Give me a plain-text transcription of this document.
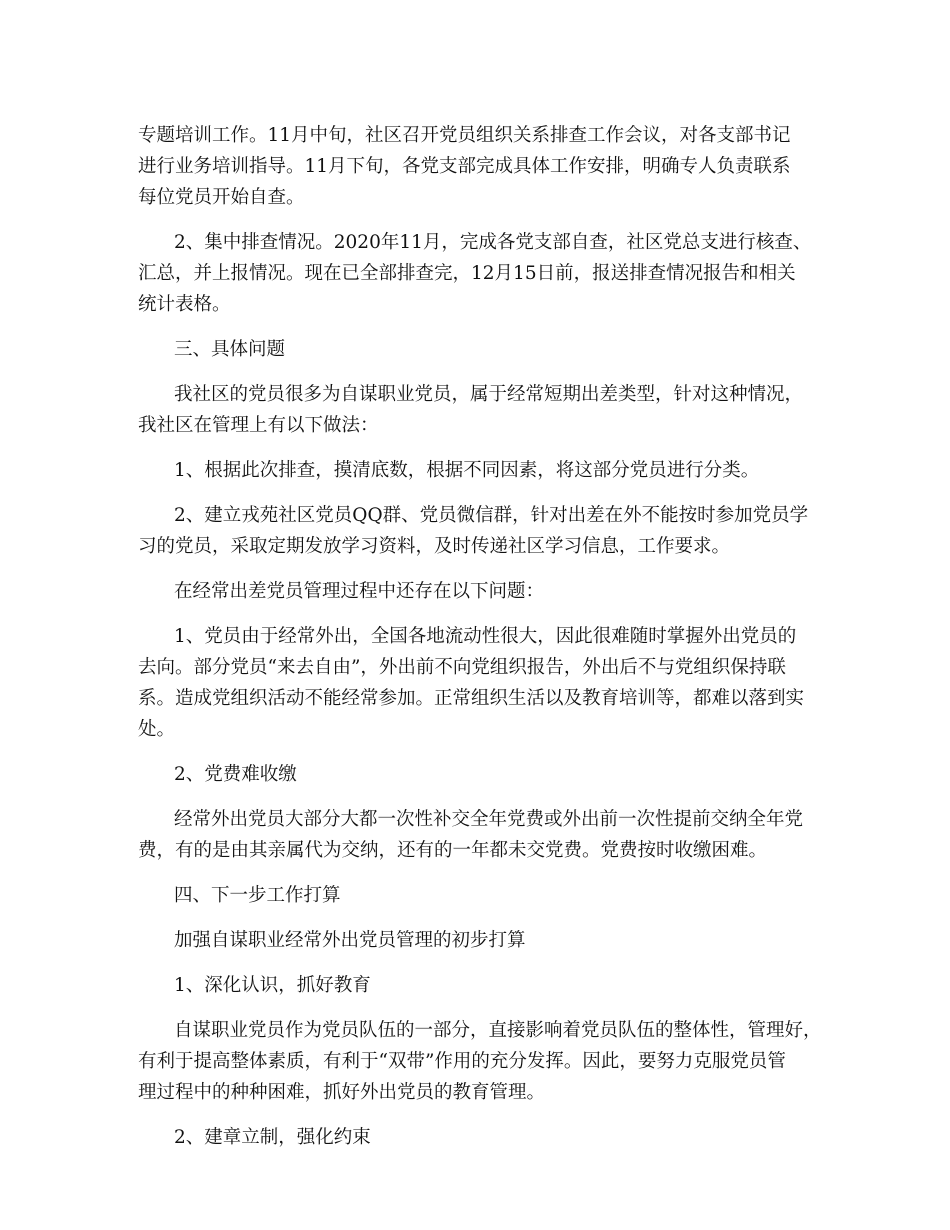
专题培训工作。11月中旬，社区召开党员组织关系排查工作会议，对各支部书记
进行业务培训指导。11月下旬，各党支部完成具体工作安排，明确专人负责联系
每位党员开始自查。
2、集中排查情况。2020年11月，完成各党支部自查，社区党总支进行核查、
汇总，并上报情况。现在已全部排查完，12月15日前，报送排查情况报告和相关
统计表格。
三、具体问题
我社区的党员很多为自谋职业党员，属于经常短期出差类型，针对这种情况，
我社区在管理上有以下做法：
1、根据此次排查，摸清底数，根据不同因素，将这部分党员进行分类。
2、建立戎苑社区党员QQ群、党员微信群，针对出差在外不能按时参加党员学
习的党员，采取定期发放学习资料，及时传递社区学习信息，工作要求。
在经常出差党员管理过程中还存在以下问题：
1、党员由于经常外出，全国各地流动性很大，因此很难随时掌握外出党员的
去向。部分党员“来去自由”，外出前不向党组织报告，外出后不与党组织保持联
系。造成党组织活动不能经常参加。正常组织生活以及教育培训等，都难以落到实
处。
2、党费难收缴
经常外出党员大部分大都一次性补交全年党费或外出前一次性提前交纳全年党
费，有的是由其亲属代为交纳，还有的一年都未交党费。党费按时收缴困难。
四、下一步工作打算
加强自谋职业经常外出党员管理的初步打算
1、深化认识，抓好教育
自谋职业党员作为党员队伍的一部分，直接影响着党员队伍的整体性，管理好，
有利于提高整体素质，有利于“双带”作用的充分发挥。因此，要努力克服党员管
理过程中的种种困难，抓好外出党员的教育管理。
2、建章立制，强化约束
